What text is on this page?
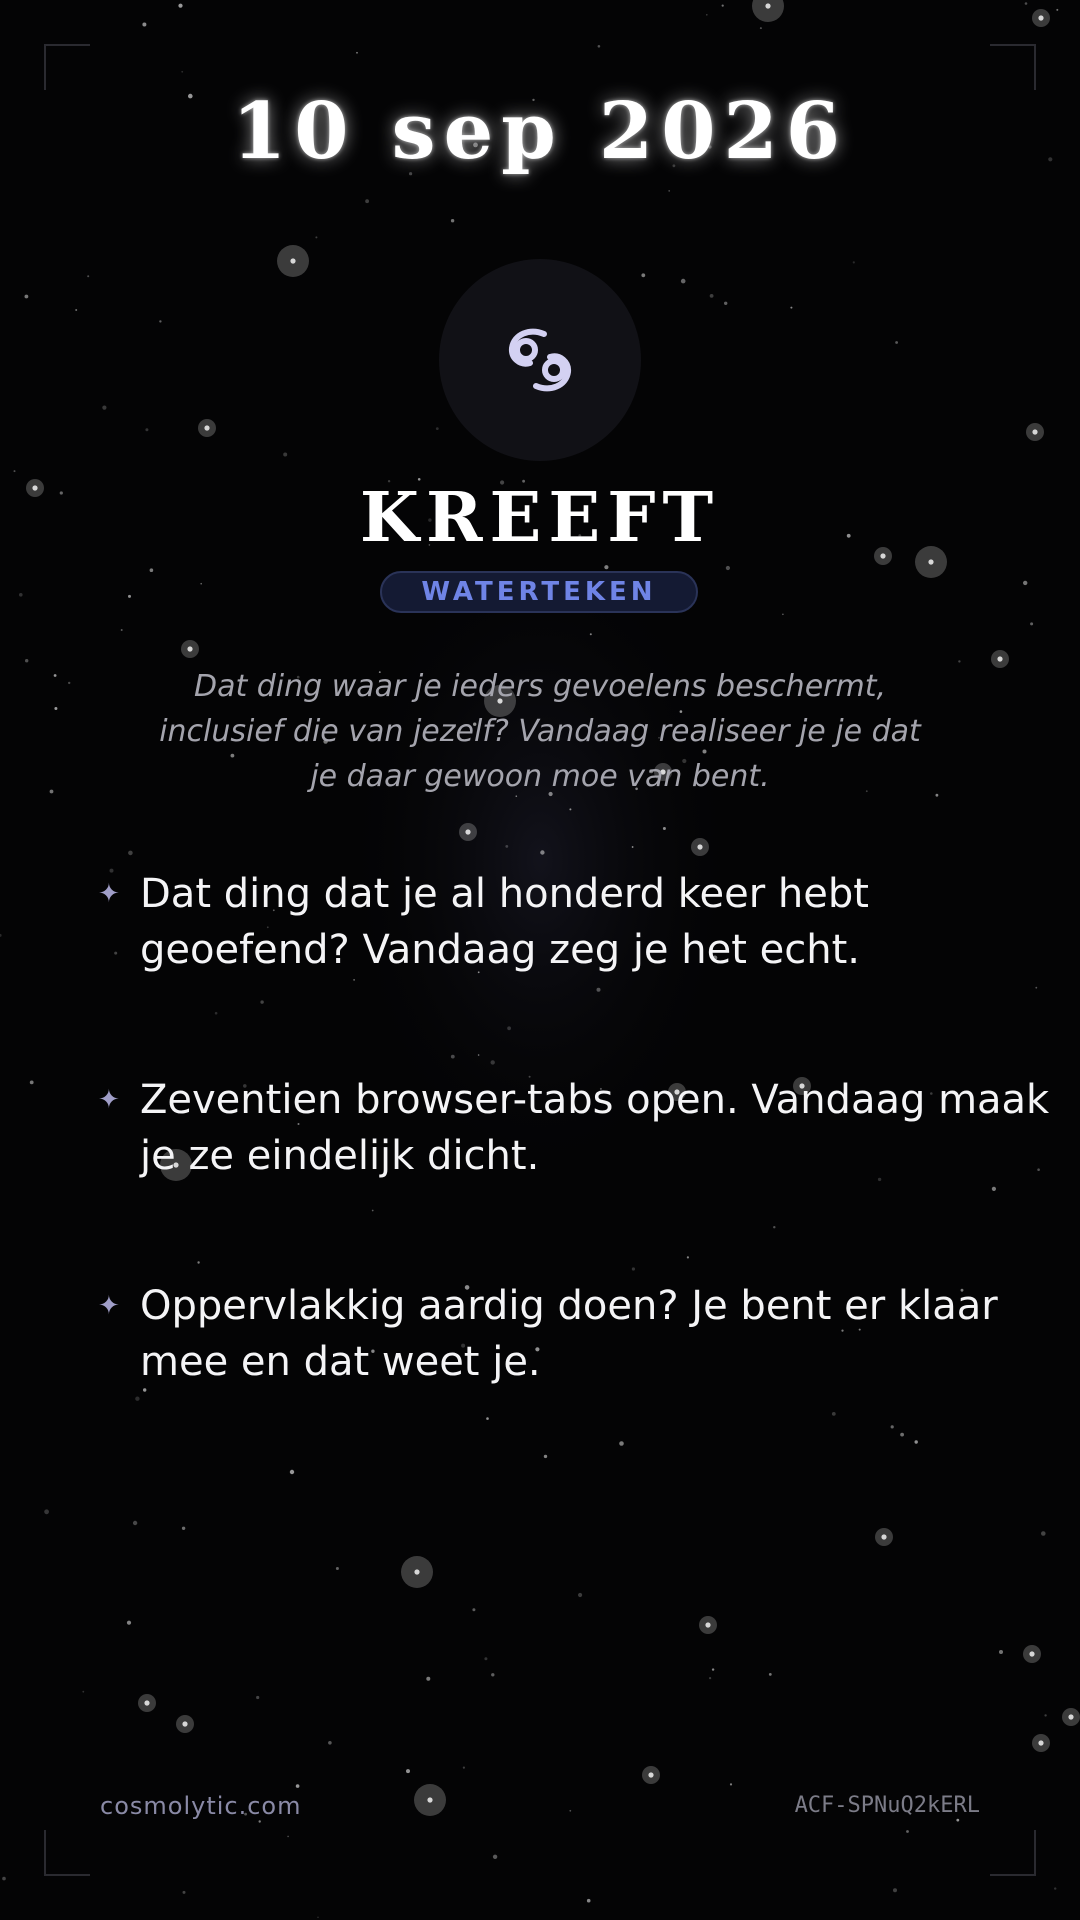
10 sep 2026
KREEFT
WATERTEKEN
Dat ding waar je ieders gevoelens beschermt, inclusief die van jezelf? Vandaag realiseer je je dat je daar gewoon moe van bent.
✦ Dat ding dat je al honderd keer hebt geoefend? Vandaag zeg je het echt.
✦ Zeventien browser-tabs open. Vandaag maak je ze eindelijk dicht.
✦ Oppervlakkig aardig doen? Je bent er klaar mee en dat weet je.
cosmolytic.com	ACF-SPNuQ2kERL
